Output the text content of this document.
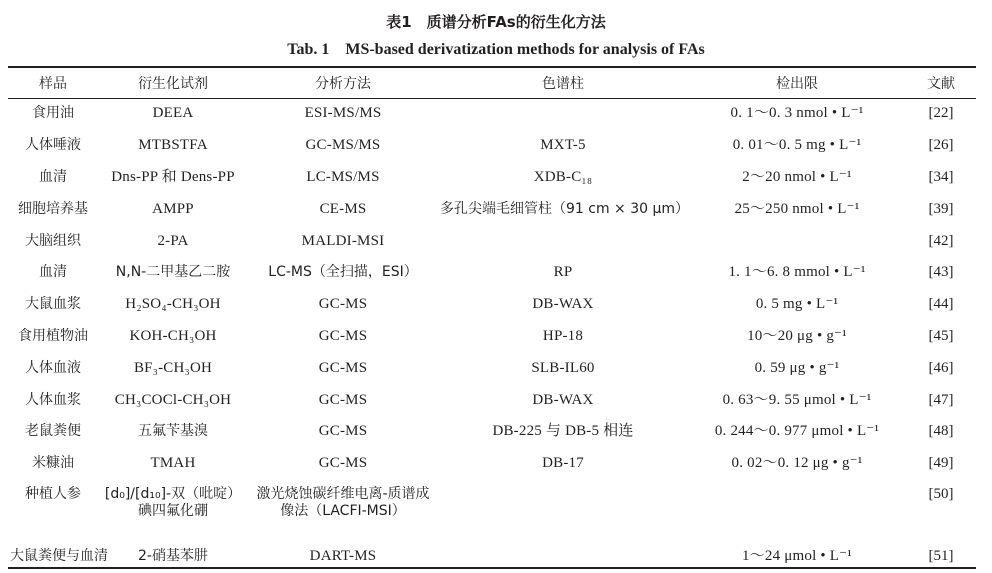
表1　质谱分析FAs的衍生化方法
Tab. 1　MS-based derivatization methods for analysis of FAs
样品	衍生化试剂	分析方法	色谱柱	检出限	文献
食用油	DEEA	ESI-MS/MS		0. 1～0. 3 nmol • L⁻¹	[22]
人体唾液	MTBSTFA	GC-MS/MS	MXT-5	0. 01～0. 5 mg • L⁻¹	[26]
血清	Dns-PP 和 Dens-PP	LC-MS/MS	XDB-C₁₈	2～20 nmol • L⁻¹	[34]
细胞培养基	AMPP	CE-MS	多孔尖端毛细管柱（91 cm × 30 μm）	25～250 nmol • L⁻¹	[39]
大脑组织	2-PA	MALDI-MSI			[42]
血清	N,N-二甲基乙二胺	LC-MS（全扫描，ESI）	RP	1. 1～6. 8 mmol • L⁻¹	[43]
大鼠血浆	H₂SO₄-CH₃OH	GC-MS	DB-WAX	0. 5 mg • L⁻¹	[44]
食用植物油	KOH-CH₃OH	GC-MS	HP-18	10～20 μg • g⁻¹	[45]
人体血液	BF₃-CH₃OH	GC-MS	SLB-IL60	0. 59 μg • g⁻¹	[46]
人体血浆	CH₃COCl-CH₃OH	GC-MS	DB-WAX	0. 63～9. 55 μmol • L⁻¹	[47]
老鼠粪便	五氟苄基溴	GC-MS	DB-225 与 DB-5 相连	0. 244～0. 977 μmol • L⁻¹	[48]
米糠油	TMAH	GC-MS	DB-17	0. 02～0. 12 μg • g⁻¹	[49]
种植人参	[d₀]/[d₁₀]-双（吡啶）碘四氟化硼	激光烧蚀碳纤维电离-质谱成像法（LACFI-MSI）			[50]
大鼠粪便与血清	2-硝基苯肼	DART-MS		1～24 μmol • L⁻¹	[51]
